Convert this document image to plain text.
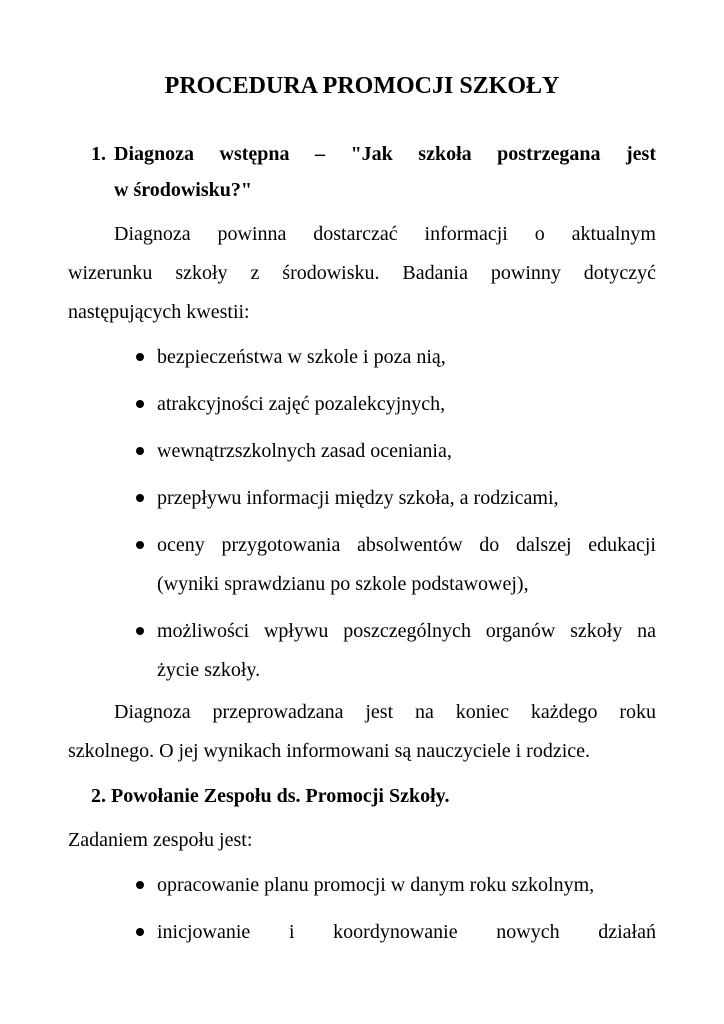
PROCEDURA PROMOCJI SZKOŁY
1. Diagnoza wstępna – "Jak szkoła postrzegana jest
w środowisku?"
Diagnoza powinna dostarczać informacji o aktualnym
wizerunku szkoły z środowisku. Badania powinny dotyczyć
następujących kwestii:
bezpieczeństwa w szkole i poza nią,
atrakcyjności zajęć pozalekcyjnych,
wewnątrzszkolnych zasad oceniania,
przepływu informacji między szkoła, a rodzicami,
oceny przygotowania absolwentów do dalszej edukacji
(wyniki sprawdzianu po szkole podstawowej),
możliwości wpływu poszczególnych organów szkoły na
życie szkoły.
Diagnoza przeprowadzana jest na koniec każdego roku
szkolnego. O jej wynikach informowani są nauczyciele i rodzice.
2. Powołanie Zespołu ds. Promocji Szkoły.
Zadaniem zespołu jest:
opracowanie planu promocji w danym roku szkolnym,
inicjowanie i koordynowanie nowych działań
